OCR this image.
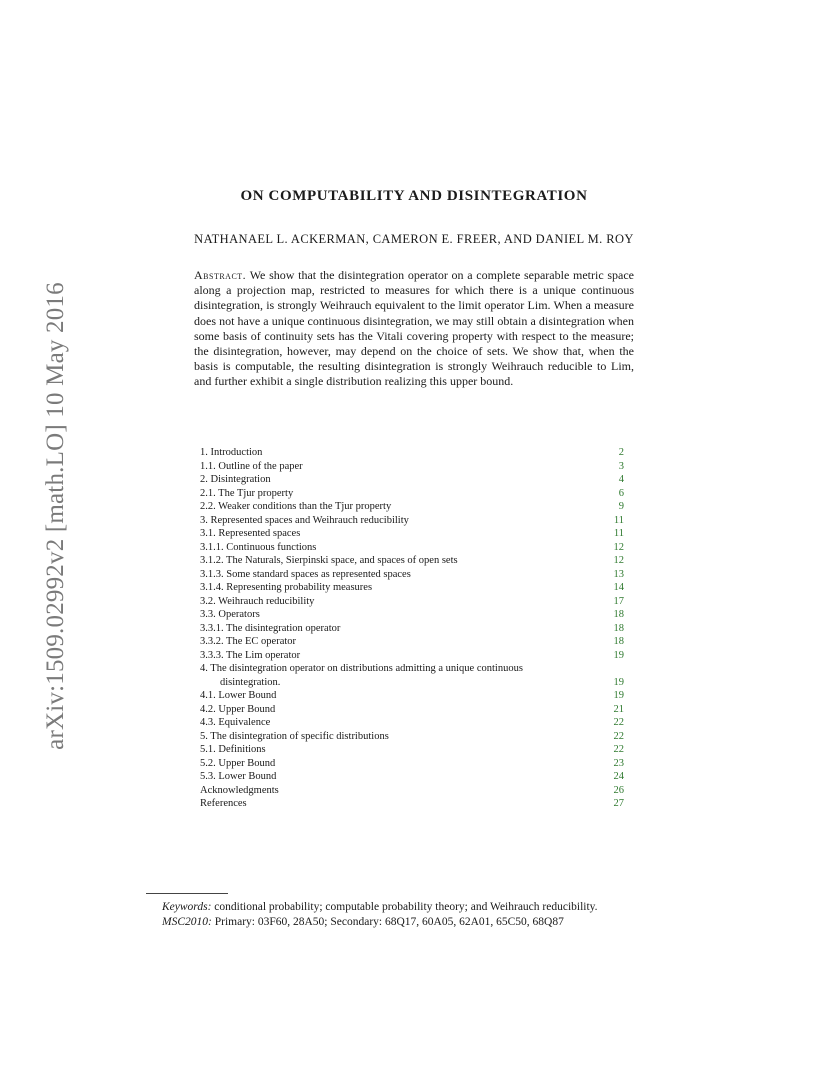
arXiv:1509.02992v2 [math.LO] 10 May 2016
ON COMPUTABILITY AND DISINTEGRATION
NATHANAEL L. ACKERMAN, CAMERON E. FREER, AND DANIEL M. ROY
Abstract. We show that the disintegration operator on a complete separable metric space along a projection map, restricted to measures for which there is a unique continuous disintegration, is strongly Weihrauch equivalent to the limit operator Lim. When a measure does not have a unique continuous disintegration, we may still obtain a disintegration when some basis of continuity sets has the Vitali covering property with respect to the measure; the disintegration, however, may depend on the choice of sets. We show that, when the basis is computable, the resulting disintegration is strongly Weihrauch reducible to Lim, and further exhibit a single distribution realizing this upper bound.
1. Introduction	2
1.1. Outline of the paper	3
2. Disintegration	4
2.1. The Tjur property	6
2.2. Weaker conditions than the Tjur property	9
3. Represented spaces and Weihrauch reducibility	11
3.1. Represented spaces	11
3.1.1. Continuous functions	12
3.1.2. The Naturals, Sierpinski space, and spaces of open sets	12
3.1.3. Some standard spaces as represented spaces	13
3.1.4. Representing probability measures	14
3.2. Weihrauch reducibility	17
3.3. Operators	18
3.3.1. The disintegration operator	18
3.3.2. The EC operator	18
3.3.3. The Lim operator	19
4. The disintegration operator on distributions admitting a unique continuous
disintegration.	19
4.1. Lower Bound	19
4.2. Upper Bound	21
4.3. Equivalence	22
5. The disintegration of specific distributions	22
5.1. Definitions	22
5.2. Upper Bound	23
5.3. Lower Bound	24
Acknowledgments	26
References	27
Keywords: conditional probability; computable probability theory; and Weihrauch reducibility.
MSC2010: Primary: 03F60, 28A50; Secondary: 68Q17, 60A05, 62A01, 65C50, 68Q87
